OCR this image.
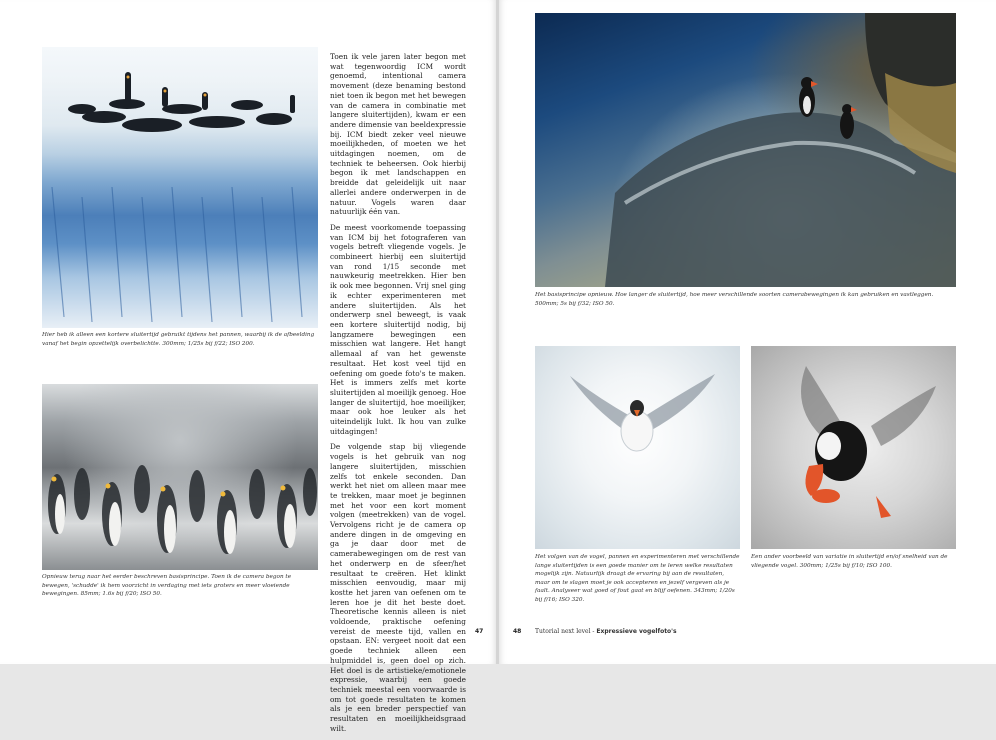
Hier heb ik alleen een kortere sluitertijd gebruikt tijdens het pannen, waarbij ik de afbeelding vanaf het begin opzettelijk overbelichtte. 300mm; 1/25s bij f/22; ISO 200.
Opnieuw terug naar het eerder beschreven basisprincipe. Toen ik de camera begon te bewegen, 'schudde' ik hem voorzicht in verdaging met iets groters en meer vloeiende bewegingen. 85mm; 1.6s bij f/20; ISO 50.

Toen ik vele jaren later begon met wat tegenwoordig ICM wordt genoemd, intentional camera movement (deze benaming bestond niet toen ik begon met het bewegen van de camera in combinatie met langere sluitertijden), kwam er een andere dimensie van beeldexpressie bij. ICM biedt zeker veel nieuwe moeilijkheden, of moeten we het uitdagingen noemen, om de techniek te beheersen. Ook hierbij begon ik met landschappen en breidde dat geleidelijk uit naar allerlei andere onderwerpen in de natuur. Vogels waren daar natuurlijk één van.

De meest voorkomende toepassing van ICM bij het fotograferen van vogels betreft vliegende vogels. Je combineert hierbij een sluitertijd van rond 1/15 seconde met nauwkeurig meetrekken. Hier ben ik ook mee begonnen. Vrij snel ging ik echter experimenteren met andere sluitertijden. Als het onderwerp snel beweegt, is vaak een kortere sluitertijd nodig, bij langzamere bewegingen een misschien wat langere. Het hangt allemaal af van het gewenste resultaat. Het kost veel tijd en oefening om goede foto's te maken. Het is immers zelfs met korte sluitertijden al moeilijk genoeg. Hoe langer de sluitertijd, hoe moeilijker, maar ook hoe leuker als het uiteindelijk lukt. Ik hou van zulke uitdagingen!

De volgende stap bij vliegende vogels is het gebruik van nog langere sluitertijden, misschien zelfs tot enkele seconden. Dan werkt het niet om alleen maar mee te trekken, maar moet je beginnen met het voor een kort moment volgen (meetrekken) van de vogel. Vervolgens richt je de camera op andere dingen in de omgeving en ga je daar door met de camerabewegingen om de rest van het onderwerp en de sfeer/het resultaat te creëren. Het klinkt misschien eenvoudig, maar mij kostte het jaren van oefenen om te leren hoe je dit het beste doet. Theoretische kennis alleen is niet voldoende, praktische oefening vereist de meeste tijd, vallen en opstaan. EN: vergeet nooit dat een goede techniek alleen een hulpmiddel is, geen doel op zich. Het doel is de artistieke/emotionele expressie, waarbij een goede techniek meestal een voorwaarde is om tot goede resultaten te komen als je een breder perspectief van resultaten en moeilijkheidsgraad wilt.

47	48
Het basisprincipe opnieuw. Hoe langer de sluitertijd, hoe meer verschillende soorten camerabewegingen ik kan gebruiken en vastleggen. 500mm; 5s bij f/32; ISO 50.
Het volgen van de vogel, pannen en experimenteren met verschillende lange sluitertijden is een goede manier om te leren welke resultaten mogelijk zijn. Natuurlijk draagt de ervaring bij aan de resultaten, maar om te slagen moet je ook accepteren en jezelf vergeven als je faalt. Analyseer wat goed of fout gaat en blijf oefenen. 343mm; 1/20s bij f/16; ISO 320.
Een ander voorbeeld van variatie in sluitertijd en/of snelheid van de vliegende vogel. 300mm; 1/25s bij f/10; ISO 100.
Tutorial next level - Expressieve vogelfoto's
